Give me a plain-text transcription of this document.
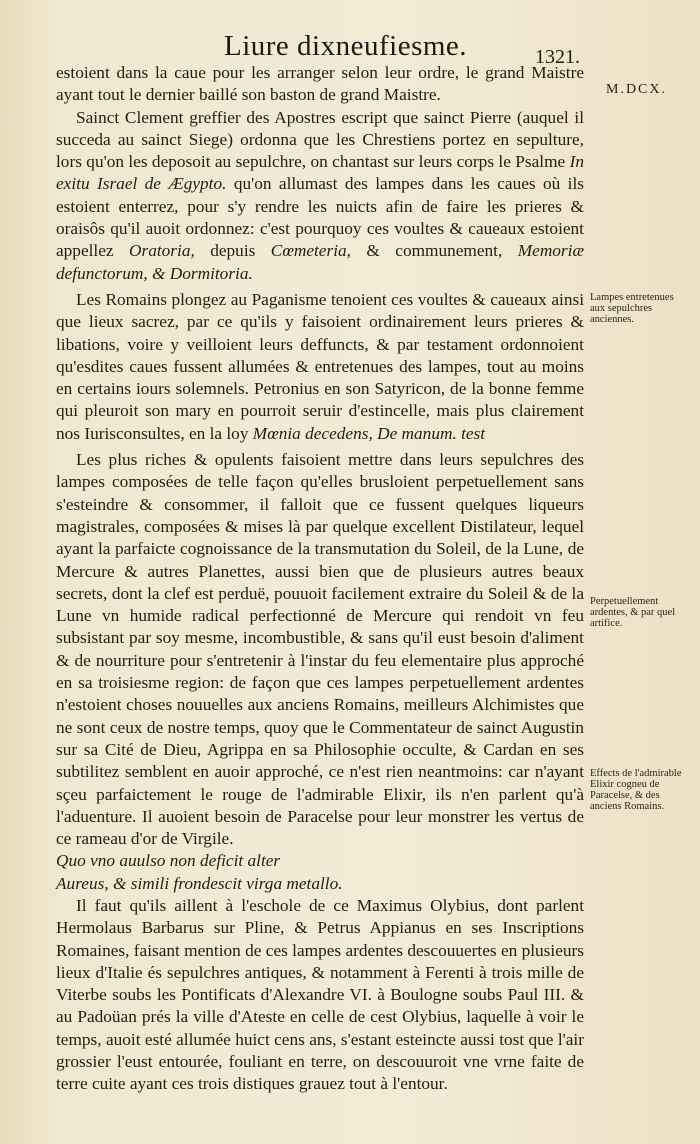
Liure dixneufiesme.	1321.
M.DCX.

estoient dans la caue pour les arranger selon leur ordre, le grand Maistre ayant tout le dernier baillé son baston de grand Maistre.

Sainct Clement greffier des Apostres escript que sainct Pierre (auquel il succeda au sainct Siege) ordonna que les Chrestiens portez en sepulture, lors qu'on les deposoit au sepulchre, on chantast sur leurs corps le Psalme In exitu Israel de Ægypto. qu'on allumast des lampes dans les caues où ils estoient enterrez, pour s'y rendre les nuicts afin de faire les prieres & oraisôs qu'il auoit ordonnez: c'est pourquoy ces voultes & caueaux estoient appellez Oratoria, depuis Cœmeteria, & communement, Memoriæ defunctorum, & Dormitoria.

Les Romains plongez au Paganisme tenoient ces voultes & caueaux ainsi que lieux sacrez, par ce qu'ils y faisoient ordinairement leurs prieres & libations, voire y veilloient leurs deffuncts, & par testament ordonnoient qu'esdites caues fussent allumées & entretenues des lampes, tout au moins en certains iours solemnels. Petronius en son Satyricon, de la bonne femme qui pleuroit son mary en pourroit seruir d'estincelle, mais plus clairement nos Iurisconsultes, en la loy Mœnia decedens, De manum. test

Les plus riches & opulents faisoient mettre dans leurs sepulchres des lampes composées de telle façon qu'elles brusloient perpetuellement sans s'esteindre & consommer, il falloit que ce fussent quelques liqueurs magistrales, composées & mises là par quelque excellent Distilateur, lequel ayant la parfaicte cognoissance de la transmutation du Soleil, de la Lune, de Mercure & autres Planettes, aussi bien que de plusieurs autres beaux secrets, dont la clef est perduë, pouuoit facilement extraire du Soleil & de la Lune vn humide radical perfectionné de Mercure qui rendoit vn feu subsistant par soy mesme, incombustible, & sans qu'il eust besoin d'aliment & de nourriture pour s'entretenir à l'instar du feu elementaire plus approché en sa troisiesme region: de façon que ces lampes perpetuellement ardentes n'estoient choses nouuelles aux anciens Romains, meilleurs Alchimistes que ne sont ceux de nostre temps, quoy que le Commentateur de sainct Augustin sur sa Cité de Dieu, Agrippa en sa Philosophie occulte, & Cardan en ses subtilitez semblent en auoir approché, ce n'est rien neantmoins: car n'ayant sçeu parfaictement le rouge de l'admirable Elixir, ils n'en parlent qu'à l'aduenture. Il auoient besoin de Paracelse pour leur monstrer les vertus de ce rameau d'or de Virgile.

Quo vno auulso non deficit alter

Aureus, & simili frondescit virga metallo.

Il faut qu'ils aillent à l'eschole de ce Maximus Olybius, dont parlent Hermolaus Barbarus sur Pline, & Petrus Appianus en ses Inscriptions Romaines, faisant mention de ces lampes ardentes descouuertes en plusieurs lieux d'Italie és sepulchres antiques, & notamment à Ferenti à trois mille de Viterbe soubs les Pontificats d'Alexandre VI. à Boulogne soubs Paul III. & au Padoüan prés la ville d'Ateste en celle de cest Olybius, laquelle à voir le temps, auoit esté allumée huict cens ans, s'estant esteincte aussi tost que l'air grossier l'eust entourée, fouliant en terre, on descouuroit vne vrne faite de terre cuite ayant ces trois distiques grauez tout à l'entour.

Lampes entretenues aux sepulchres anciennes.
Perpetuellement ardentes, & par quel artifice.
Effects de l'admirable Elixir cogneu de Paracelse, & des anciens Romains.
